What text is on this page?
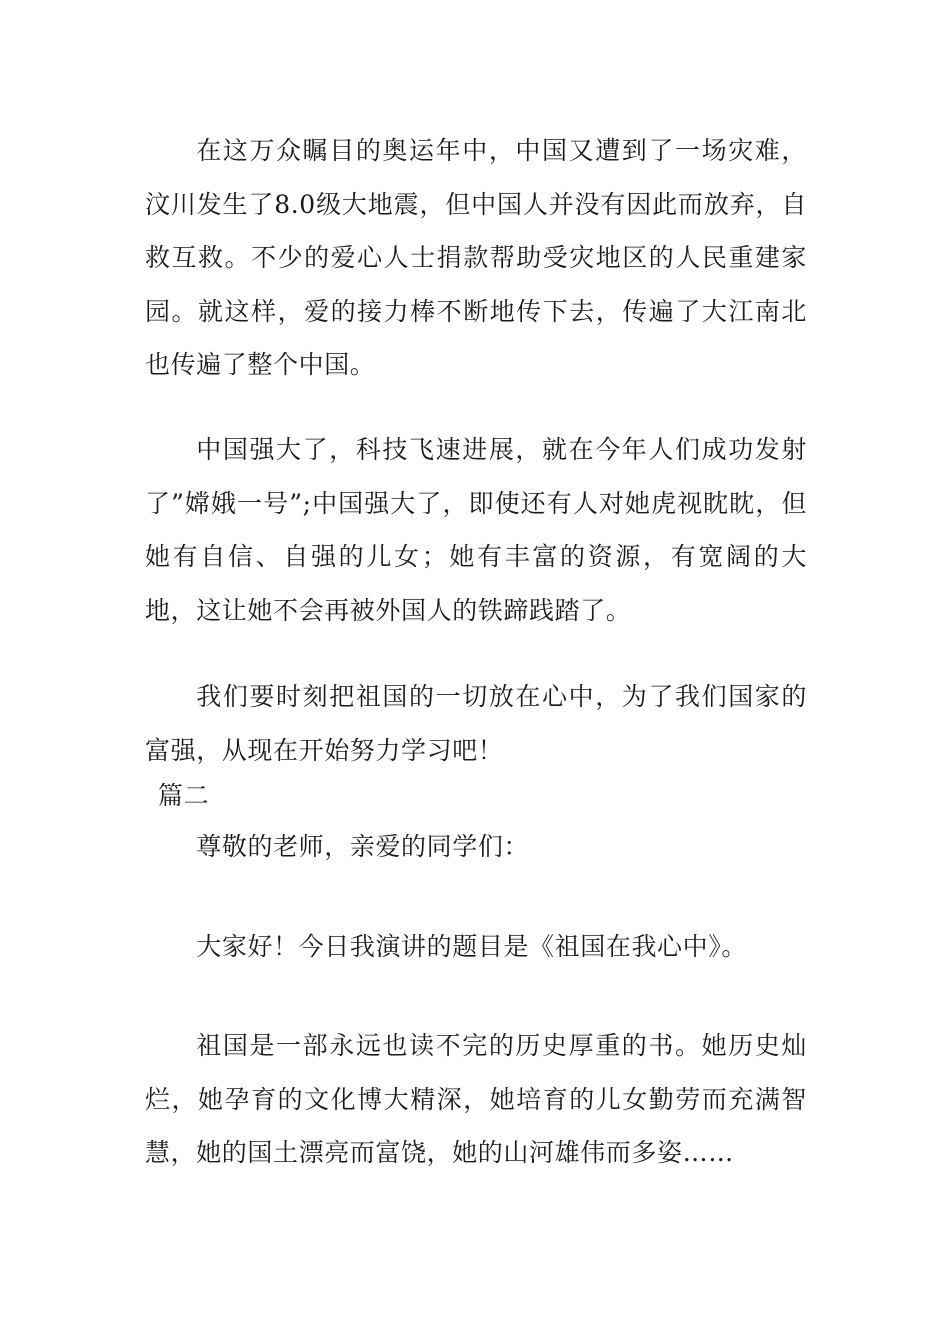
在这万众瞩目的奥运年中，中国又遭到了一场灾难，汶川发生了8.0级大地震，但中国人并没有因此而放弃，自救互救。不少的爱心人士捐款帮助受灾地区的人民重建家园。就这样，爱的接力棒不断地传下去，传遍了大江南北也传遍了整个中国。

中国强大了，科技飞速进展，就在今年人们成功发射了”嫦娥一号”;中国强大了，即使还有人对她虎视眈眈，但她有自信、自强的儿女；她有丰富的资源，有宽阔的大地，这让她不会再被外国人的铁蹄践踏了。

我们要时刻把祖国的一切放在心中，为了我们国家的富强，从现在开始努力学习吧！

篇二

尊敬的老师，亲爱的同学们：

大家好！今日我演讲的题目是《祖国在我心中》。

祖国是一部永远也读不完的历史厚重的书。她历史灿烂，她孕育的文化博大精深，她培育的儿女勤劳而充满智慧，她的国土漂亮而富饶，她的山河雄伟而多姿……
